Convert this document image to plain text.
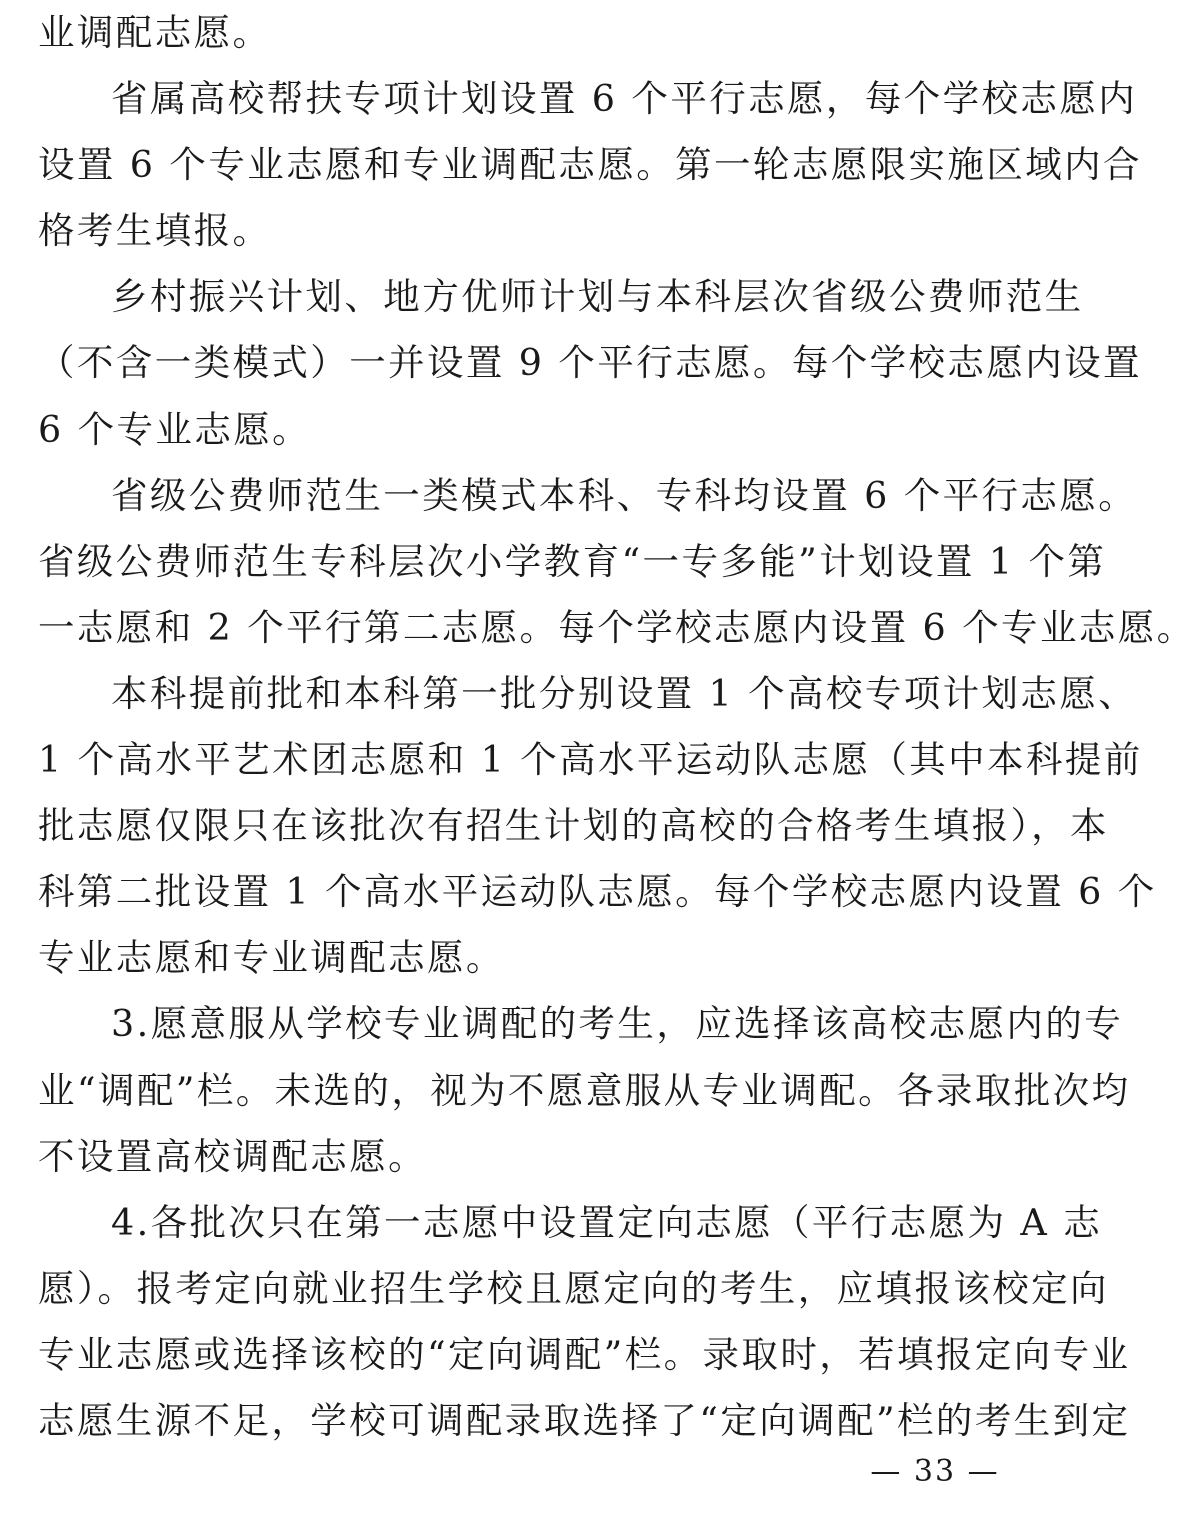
业调配志愿。
省属高校帮扶专项计划设置 6 个平行志愿，每个学校志愿内
设置 6 个专业志愿和专业调配志愿。第一轮志愿限实施区域内合
格考生填报。
乡村振兴计划、地方优师计划与本科层次省级公费师范生
（不含一类模式）一并设置 9 个平行志愿。每个学校志愿内设置
6 个专业志愿。
省级公费师范生一类模式本科、专科均设置 6 个平行志愿。
省级公费师范生专科层次小学教育“一专多能”计划设置 1 个第
一志愿和 2 个平行第二志愿。每个学校志愿内设置 6 个专业志愿。
本科提前批和本科第一批分别设置 1 个高校专项计划志愿、
1 个高水平艺术团志愿和 1 个高水平运动队志愿（其中本科提前
批志愿仅限只在该批次有招生计划的高校的合格考生填报），本
科第二批设置 1 个高水平运动队志愿。每个学校志愿内设置 6 个
专业志愿和专业调配志愿。
3.愿意服从学校专业调配的考生，应选择该高校志愿内的专
业“调配”栏。未选的，视为不愿意服从专业调配。各录取批次均
不设置高校调配志愿。
4.各批次只在第一志愿中设置定向志愿（平行志愿为 A 志
愿）。报考定向就业招生学校且愿定向的考生，应填报该校定向
专业志愿或选择该校的“定向调配”栏。录取时，若填报定向专业
志愿生源不足，学校可调配录取选择了“定向调配”栏的考生到定
— 33 —
